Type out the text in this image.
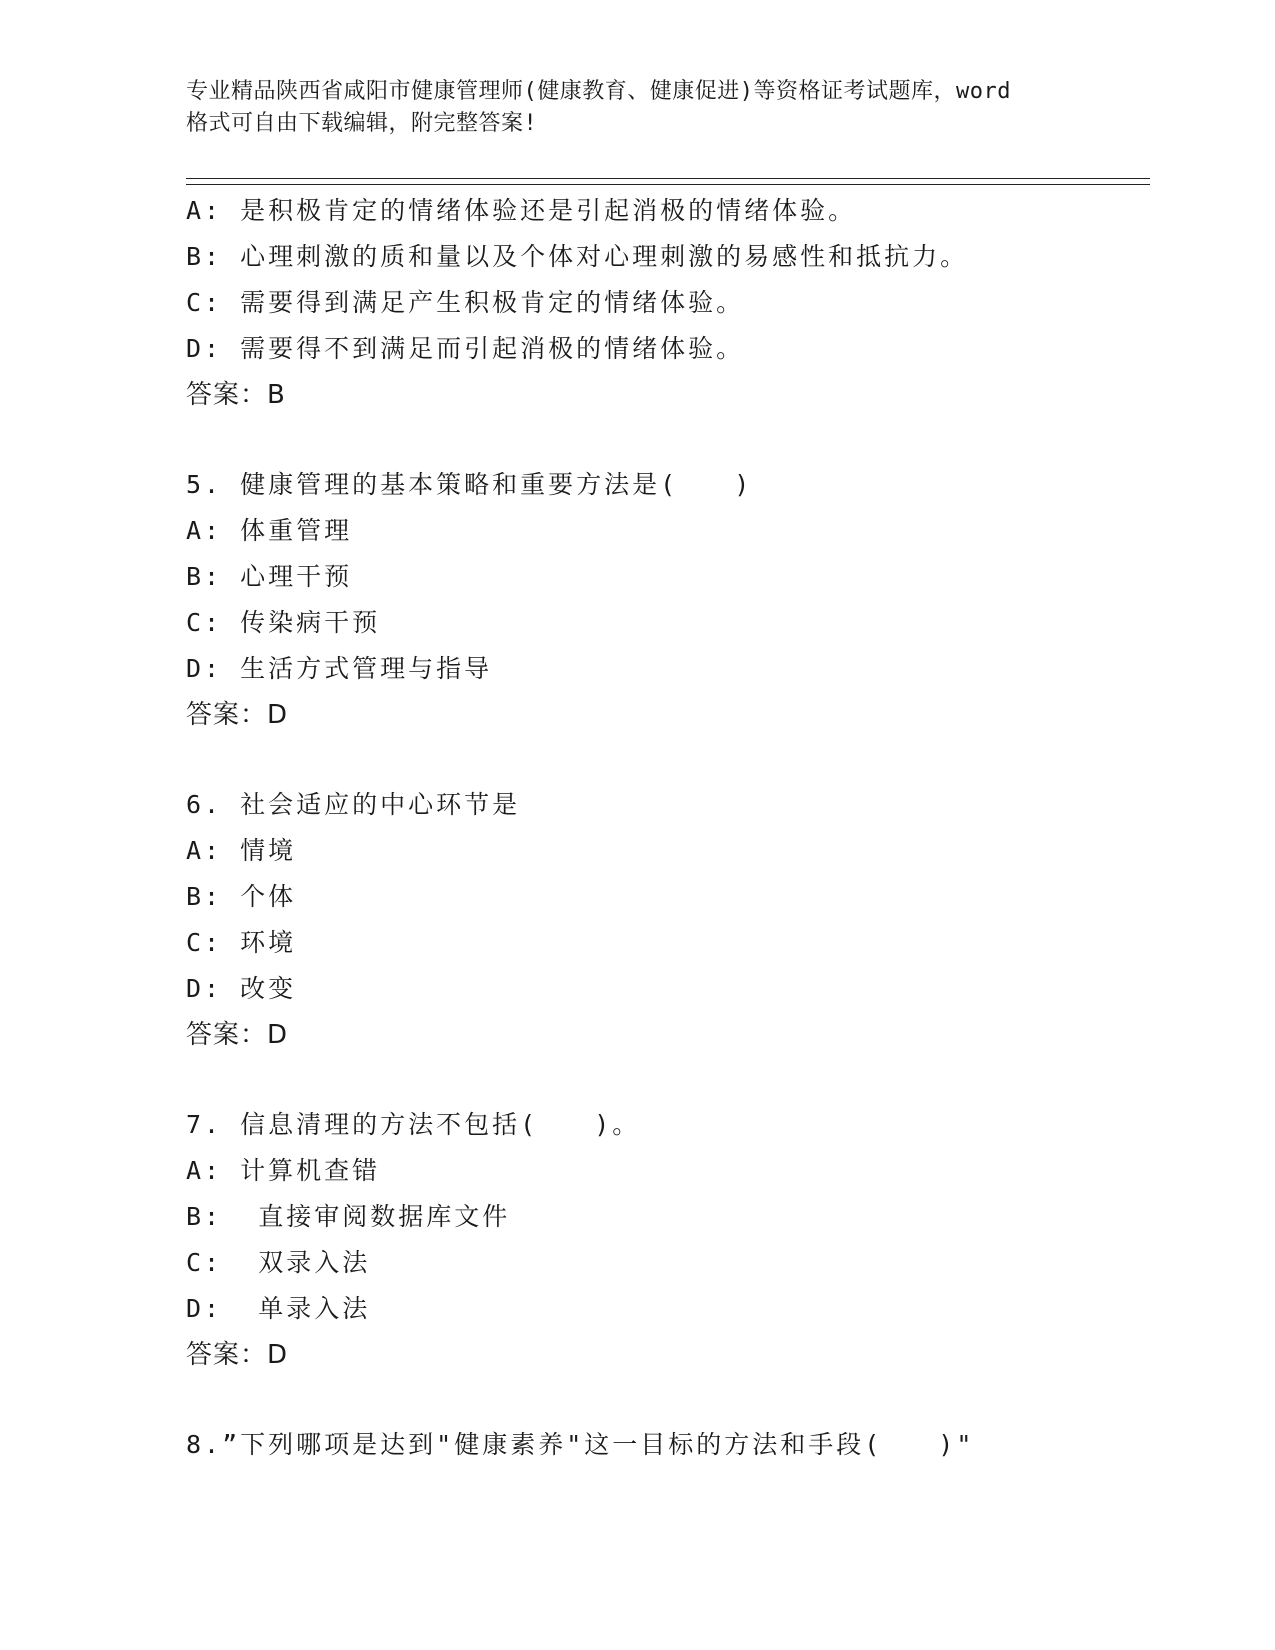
专业精品陕西省咸阳市健康管理师(健康教育、健康促进)等资格证考试题库，word
格式可自由下载编辑，附完整答案!
A: 是积极肯定的情绪体验还是引起消极的情绪体验。
B: 心理刺激的质和量以及个体对心理刺激的易感性和抵抗力。
C: 需要得到满足产生积极肯定的情绪体验。
D: 需要得不到满足而引起消极的情绪体验。
答案：B
5. 健康管理的基本策略和重要方法是(　　)
A: 体重管理
B: 心理干预
C: 传染病干预
D: 生活方式管理与指导
答案：D
6. 社会适应的中心环节是
A: 情境
B: 个体
C: 环境
D: 改变
答案：D
7. 信息清理的方法不包括(　　)。
A: 计算机查错
B:  直接审阅数据库文件
C:  双录入法
D:  单录入法
答案：D
8.”下列哪项是达到"健康素养"这一目标的方法和手段(　　)"
